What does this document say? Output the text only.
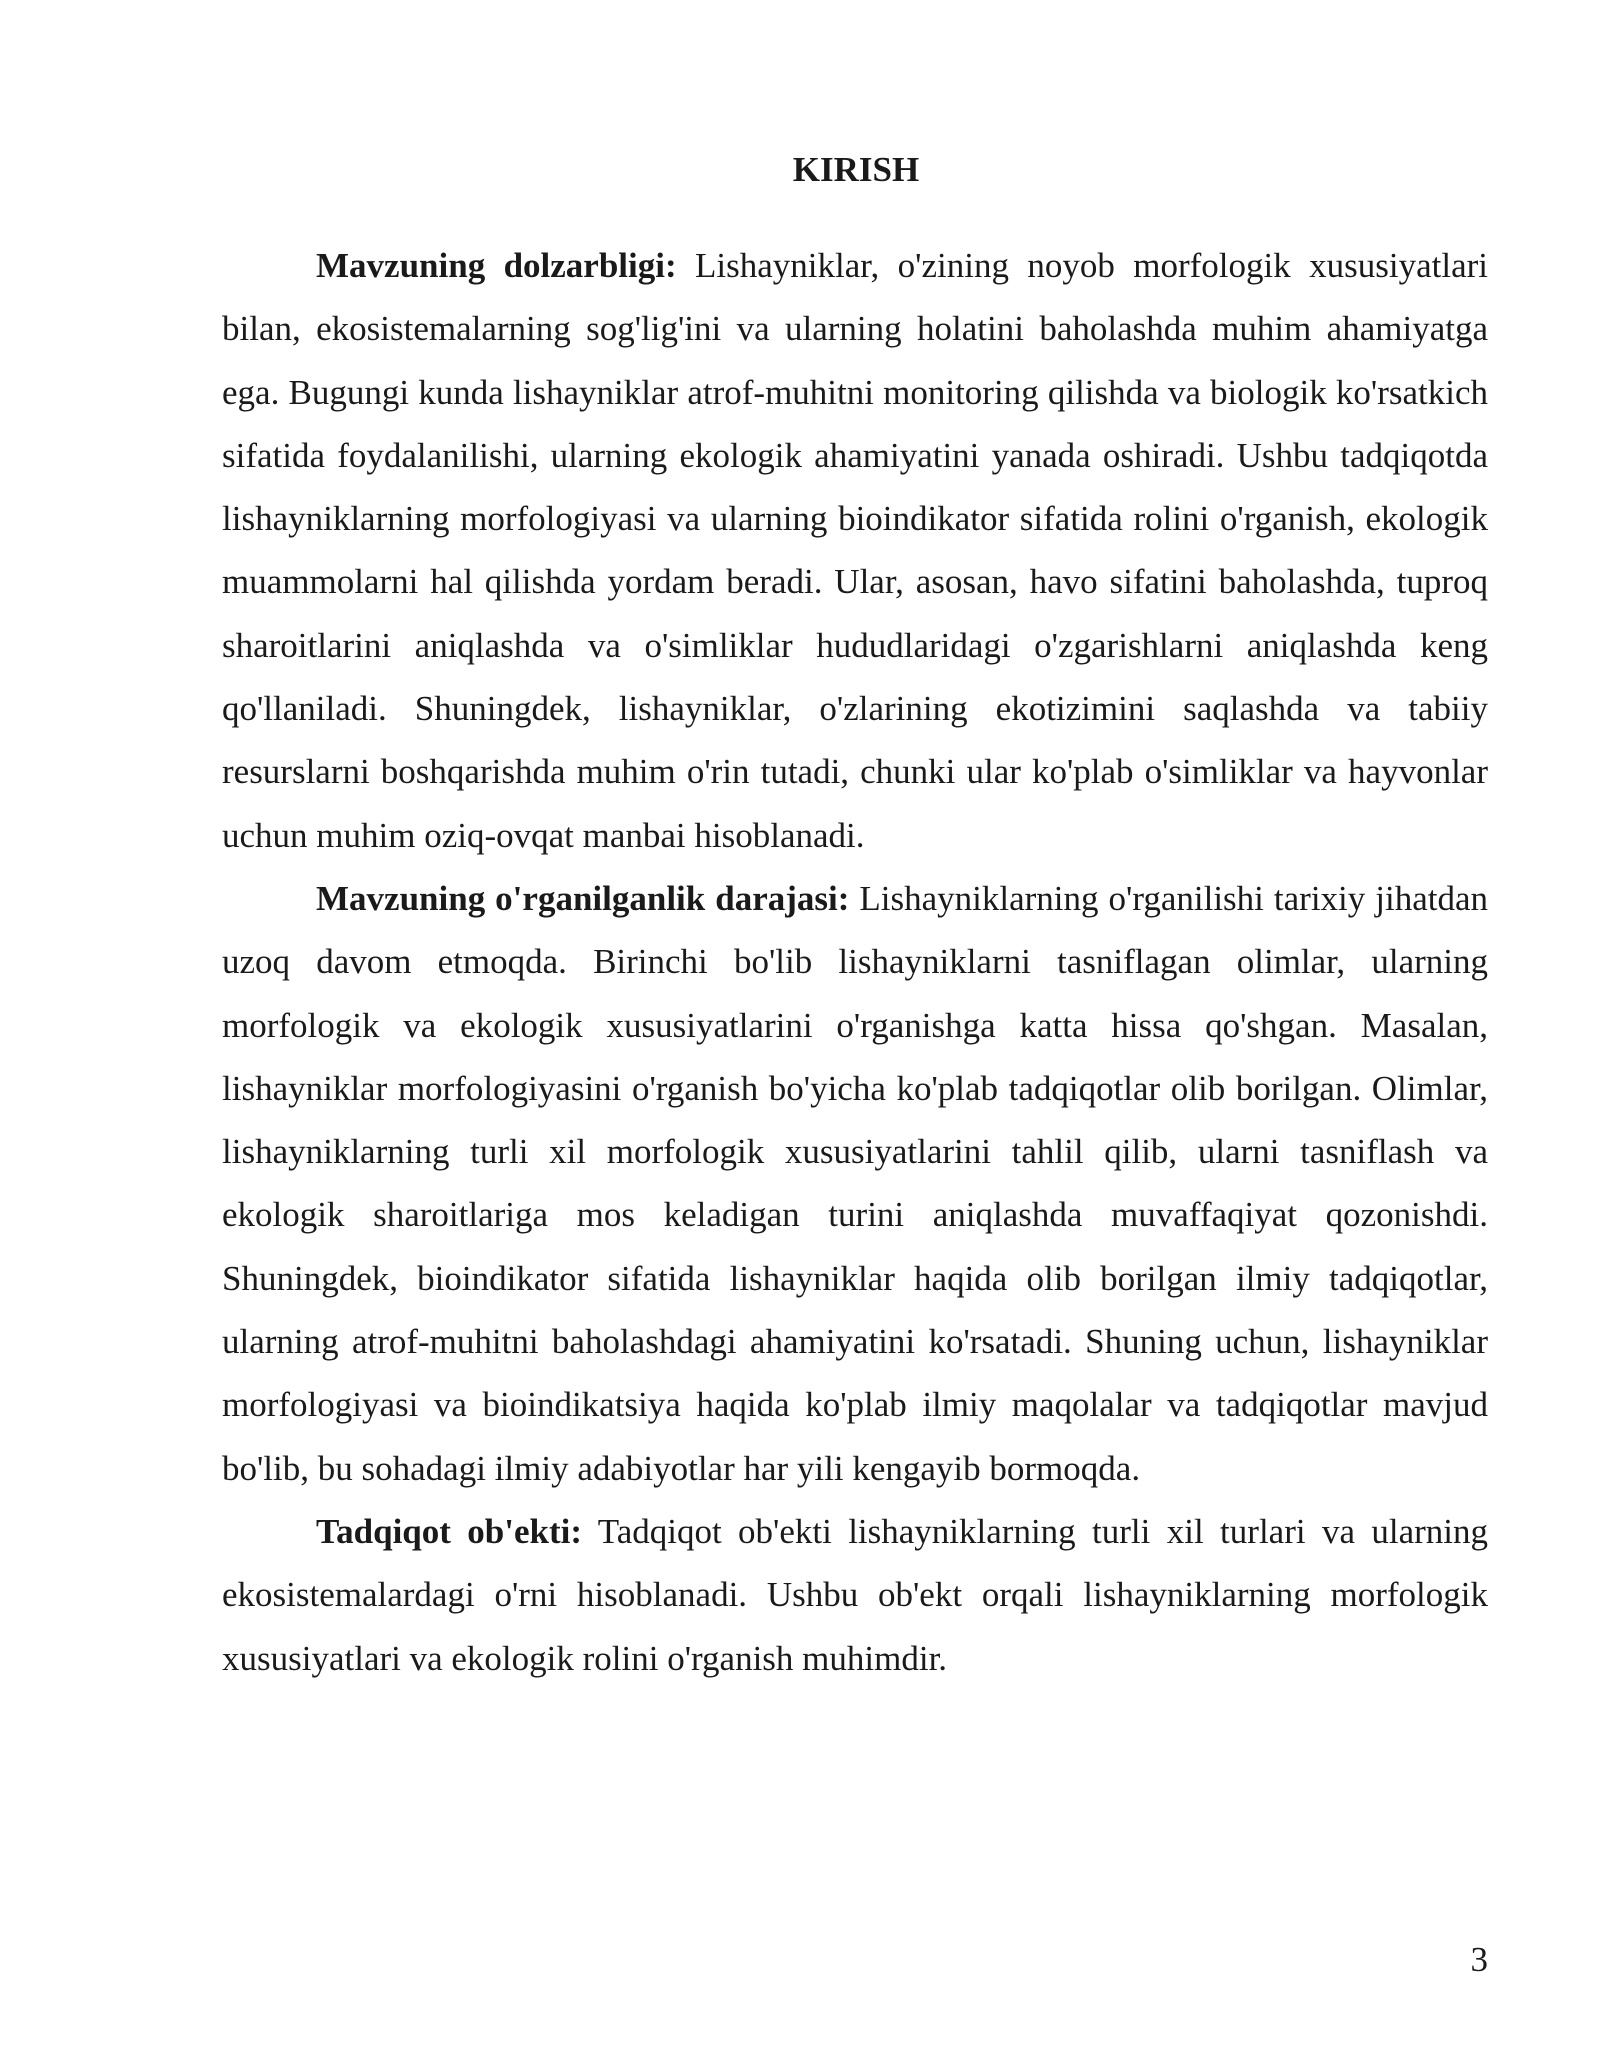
KIRISH

Mavzuning dolzarbligi: Lishayniklar, o'zining noyob morfologik xususiyatlari bilan, ekosistemalarning sog'lig'ini va ularning holatini baholashda muhim ahamiyatga ega. Bugungi kunda lishayniklar atrof-muhitni monitoring qilishda va biologik ko'rsatkich sifatida foydalanilishi, ularning ekologik ahamiyatini yanada oshiradi. Ushbu tadqiqotda lishayniklarning morfologiyasi va ularning bioindikator sifatida rolini o'rganish, ekologik muammolarni hal qilishda yordam beradi. Ular, asosan, havo sifatini baholashda, tuproq sharoitlarini aniqlashda va o'simliklar hududlaridagi o'zgarishlarni aniqlashda keng qo'llaniladi. Shuningdek, lishayniklar, o'zlarining ekotizimini saqlashda va tabiiy resurslarni boshqarishda muhim o'rin tutadi, chunki ular ko'plab o'simliklar va hayvonlar uchun muhim oziq-ovqat manbai hisoblanadi.

Mavzuning o'rganilganlik darajasi: Lishayniklarning o'rganilishi tarixiy jihatdan uzoq davom etmoqda. Birinchi bo'lib lishayniklarni tasniflagan olimlar, ularning morfologik va ekologik xususiyatlarini o'rganishga katta hissa qo'shgan. Masalan, lishayniklar morfologiyasini o'rganish bo'yicha ko'plab tadqiqotlar olib borilgan. Olimlar, lishayniklarning turli xil morfologik xususiyatlarini tahlil qilib, ularni tasniflash va ekologik sharoitlariga mos keladigan turini aniqlashda muvaffaqiyat qozonishdi. Shuningdek, bioindikator sifatida lishayniklar haqida olib borilgan ilmiy tadqiqotlar, ularning atrof-muhitni baholashdagi ahamiyatini ko'rsatadi. Shuning uchun, lishayniklar morfologiyasi va bioindikatsiya haqida ko'plab ilmiy maqolalar va tadqiqotlar mavjud bo'lib, bu sohadagi ilmiy adabiyotlar har yili kengayib bormoqda.

Tadqiqot ob'ekti: Tadqiqot ob'ekti lishayniklarning turli xil turlari va ularning ekosistemalardagi o'rni hisoblanadi. Ushbu ob'ekt orqali lishayniklarning morfologik xususiyatlari va ekologik rolini o'rganish muhimdir.

3
